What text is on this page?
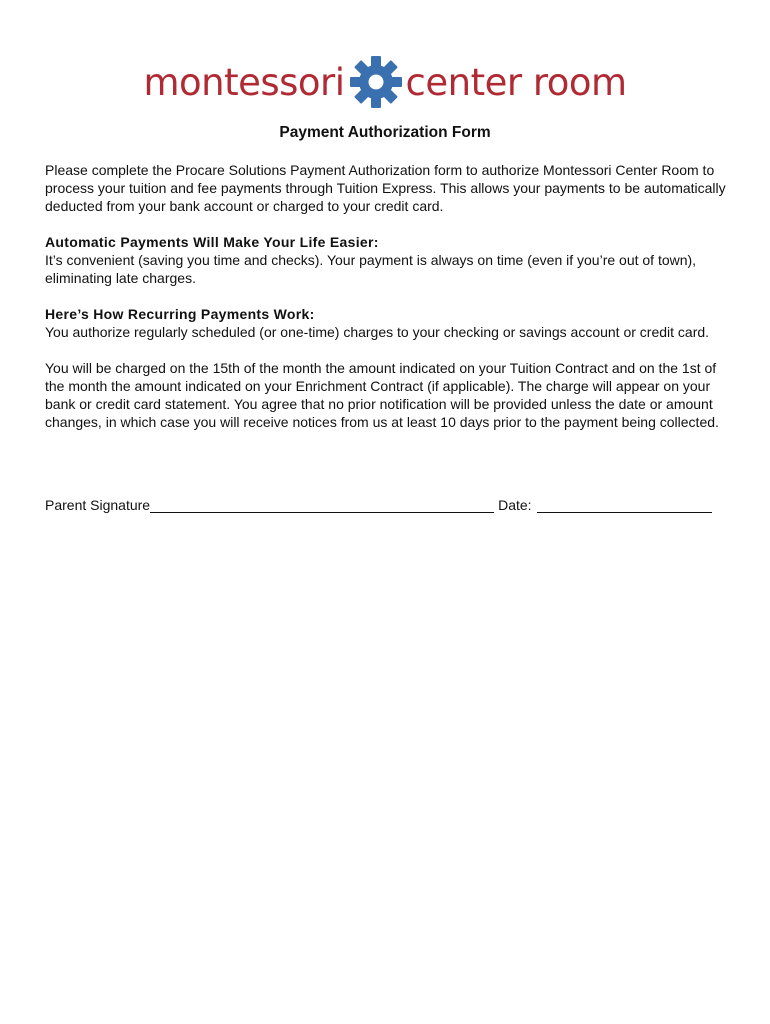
montessori center room
Payment Authorization Form

Please complete the Procare Solutions Payment Authorization form to authorize Montessori Center Room to process your tuition and fee payments through Tuition Express. This allows your payments to be automatically deducted from your bank account or charged to your credit card.

Automatic Payments Will Make Your Life Easier:
It’s convenient (saving you time and checks). Your payment is always on time (even if you’re out of town), eliminating late charges.

Here’s How Recurring Payments Work:
You authorize regularly scheduled (or one-time) charges to your checking or savings account or credit card.

You will be charged on the 15th of the month the amount indicated on your Tuition Contract and on the 1st of the month the amount indicated on your Enrichment Contract (if applicable). The charge will appear on your bank or credit card statement. You agree that no prior notification will be provided unless the date or amount changes, in which case you will receive notices from us at least 10 days prior to the payment being collected.

Parent Signature	Date:
